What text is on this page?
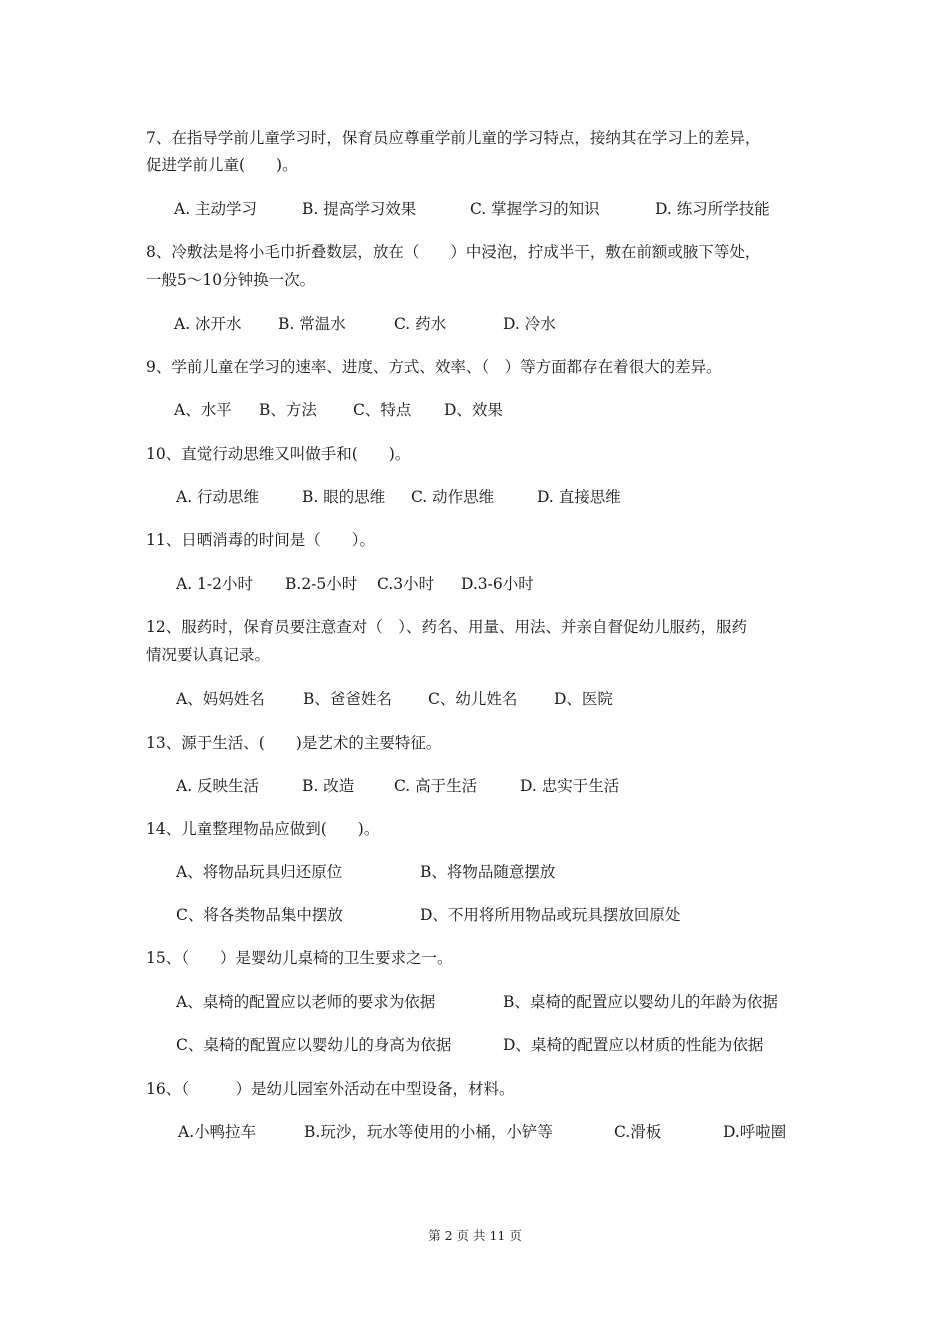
7、在指导学前儿童学习时，保育员应尊重学前儿童的学习特点，接纳其在学习上的差异，
促进学前儿童(　　)。
A. 主动学习	B. 提高学习效果	C. 掌握学习的知识	D. 练习所学技能
8、冷敷法是将小毛巾折叠数层，放在（　　）中浸泡，拧成半干，敷在前额或腋下等处，
一般5～10分钟换一次。
A. 冰开水 B. 常温水	C. 药水	D. 冷水
9、学前儿童在学习的速率、进度、方式、效率、（　）等方面都存在着很大的差异。
A、水平 B、方法 C、特点 D、效果
10、直觉行动思维又叫做手和(　　)。
A. 行动思维	B. 眼的思维 C. 动作思维	D. 直接思维
11、日晒消毒的时间是（　　）。
A. 1-2小时 B.2-5小时 C.3小时 D.3-6小时
12、服药时，保育员要注意查对（　）、药名、用量、用法、并亲自督促幼儿服药，服药
情况要认真记录。
A、妈妈姓名 B、爸爸姓名 C、幼儿姓名 D、医院
13、源于生活、(　　)是艺术的主要特征。
A. 反映生活	B. 改造	C. 高于生活	D. 忠实于生活
14、儿童整理物品应做到(　　)。
A、将物品玩具归还原位	B、将物品随意摆放
C、将各类物品集中摆放	D、不用将所用物品或玩具摆放回原处
15、（　　）是婴幼儿桌椅的卫生要求之一。
A、桌椅的配置应以老师的要求为依据	B、桌椅的配置应以婴幼儿的年龄为依据
C、桌椅的配置应以婴幼儿的身高为依据	D、桌椅的配置应以材质的性能为依据
16、（　　　）是幼儿园室外活动在中型设备，材料。
A.小鸭拉车	B.玩沙，玩水等使用的小桶，小铲等	C.滑板	D.呼啦圈
第 2 页 共 11 页
